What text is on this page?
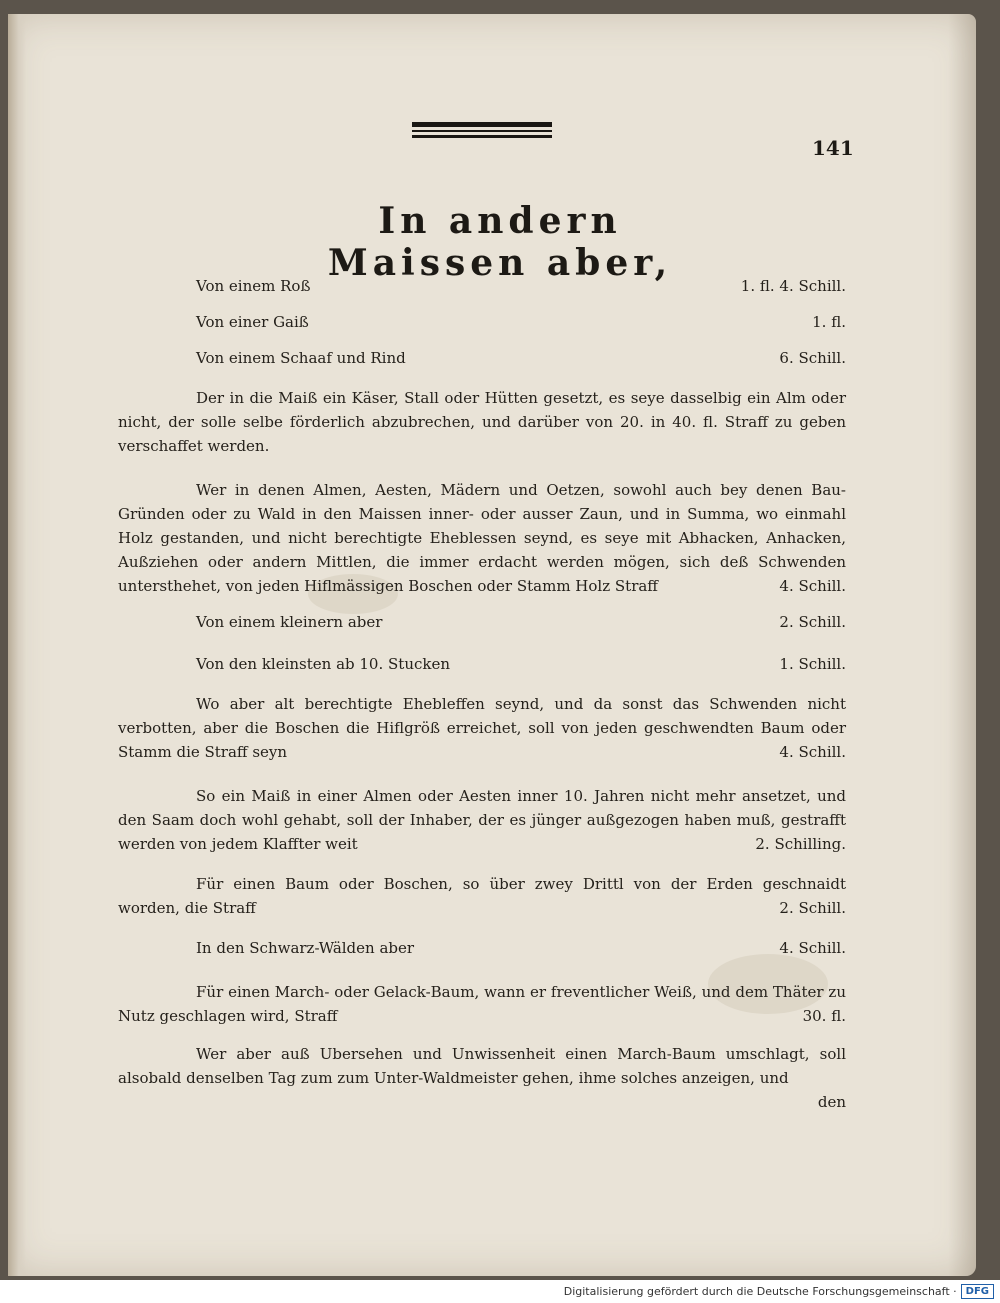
141
In andern Maissen aber,
Von einem Roß	1. fl. 4. Schill.
Von einer Gaiß	1. fl.
Von einem Schaaf und Rind	6. Schill.

Der in die Maiß ein Käser, Stall oder Hütten gesetzt, es seye dasselbig ein Alm oder nicht, der solle selbe förderlich abzubrechen, und darüber von 20. in 40. fl. Straff zu geben verschaffet werden.

Wer in denen Almen, Aesten, Mädern und Oetzen, sowohl auch bey denen Bau-Gründen oder zu Wald in den Maissen inner- oder ausser Zaun, und in Summa, wo einmahl Holz gestanden, und nicht berechtigte Eheblessen seynd, es seye mit Abhacken, Anhacken, Außziehen oder andern Mittlen, die immer erdacht werden mögen, sich deß Schwenden untersthehet, von jeden Hiflmässigen Boschen oder Stamm Holz Straff	4. Schill.
Von einem kleinern aber	2. Schill.
Von den kleinsten ab 10. Stucken	1. Schill.

Wo aber alt berechtigte Ehebleffen seynd, und da sonst das Schwenden nicht verbotten, aber die Boschen die Hiflgröß erreichet, soll von jeden geschwendten Baum oder Stamm die Straff seyn	4. Schill.

So ein Maiß in einer Almen oder Aesten inner 10. Jahren nicht mehr ansetzet, und den Saam doch wohl gehabt, soll der Inhaber, der es jünger außgezogen haben muß, gestrafft werden von jedem Klaffter weit	2. Schilling.

Für einen Baum oder Boschen, so über zwey Drittl von der Erden geschnaidt worden, die Straff	2. Schill.
In den Schwarz-Wälden aber	4. Schill.

Für einen March- oder Gelack-Baum, wann er freventlicher Weiß, und dem Thäter zu Nutz geschlagen wird, Straff	30. fl.

Wer aber auß Ubersehen und Unwissenheit einen March-Baum umschlagt, soll alsobald denselben Tag zum zum Unter-Waldmeister gehen, ihme solches anzeigen, und

den
Digitalisierung gefördert durch die Deutsche Forschungsgemeinschaft · DFG
